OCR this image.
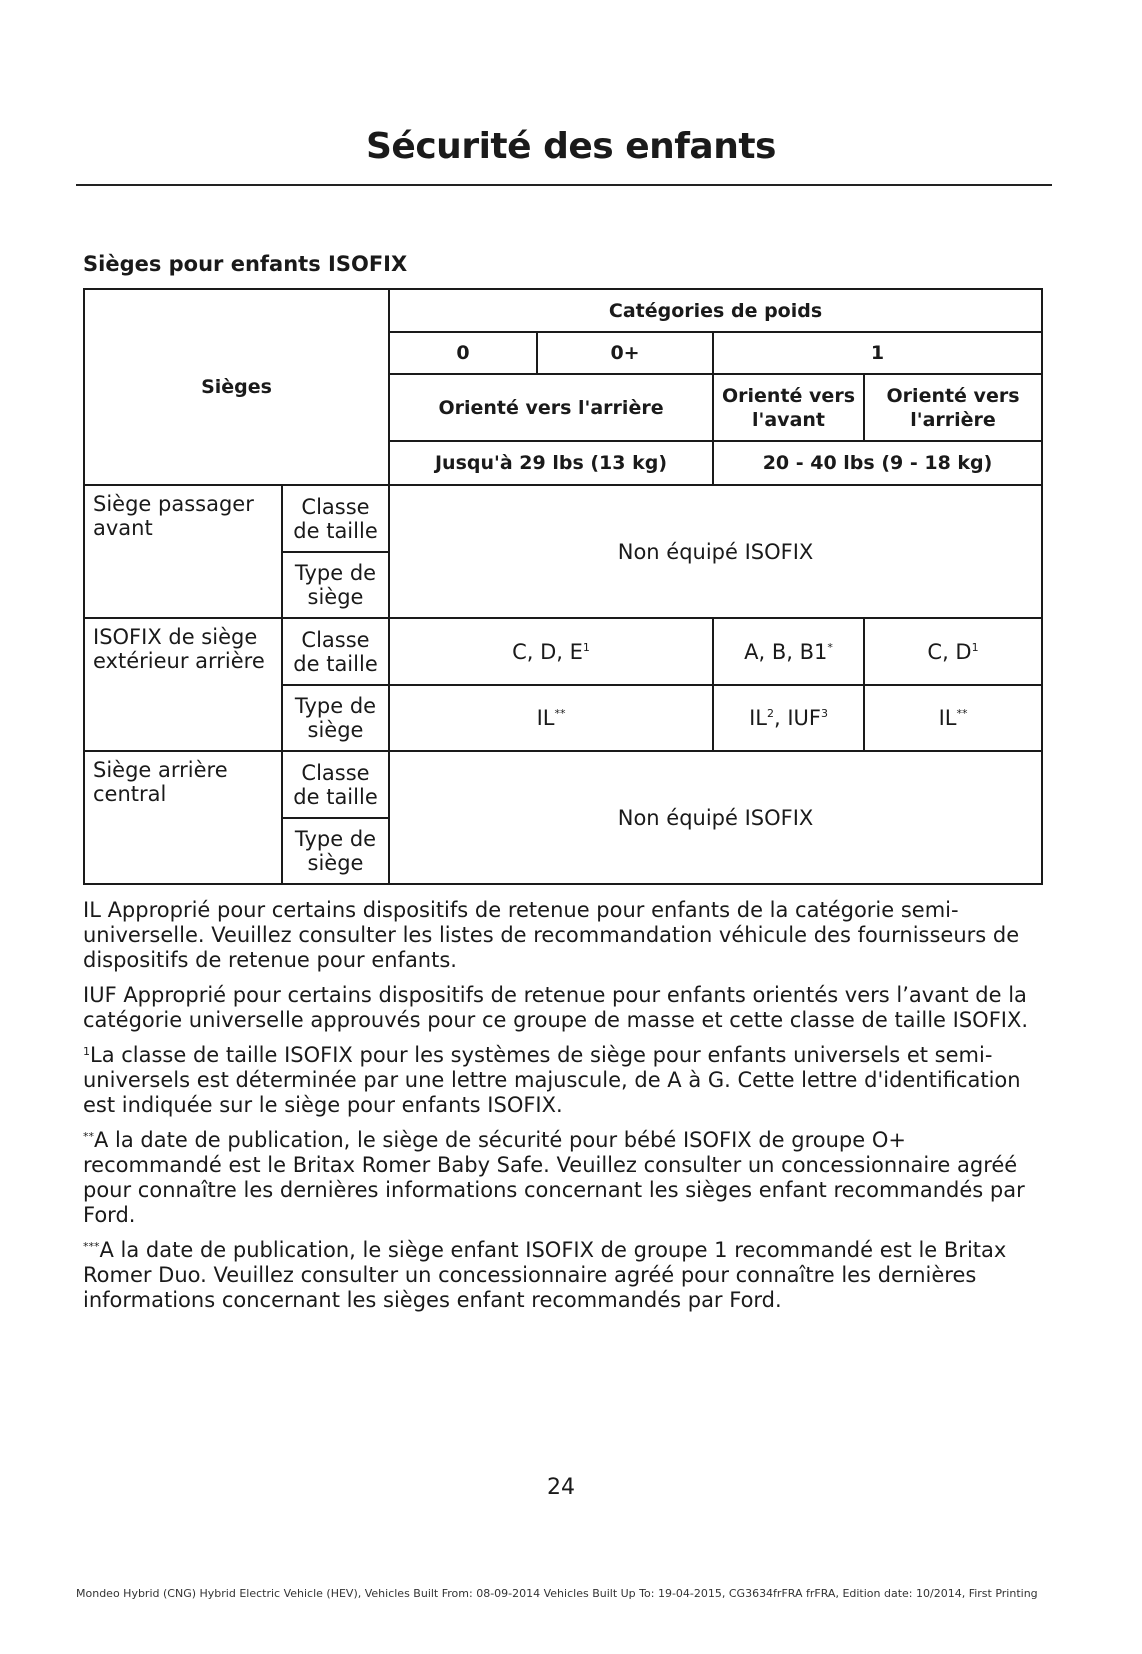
Sécurité des enfants
Sièges pour enfants ISOFIX
Sièges		Catégories de poids			
		0	0+	1	
		Orienté vers l'arrière		Orienté vers l'avant	Orienté vers l'arrière
		Jusqu'à 29 lbs (13 kg)		20 - 40 lbs (9 - 18 kg)	
Siège passager avant	Classe de taille	Non équipé ISOFIX			
	Type de siège				
ISOFIX de siège extérieur arrière	Classe de taille	C, D, $E^1$		A, B, B1*	C, $D^1$
	Type de siège	IL**		$IL^2$, IUF$^3$	IL**
Siège arrière central	Classe de taille	Non équipé ISOFIX			
	Type de siège				

IL Approprié pour certains dispositifs de retenue pour enfants de la catégorie semi-universelle. Veuillez consulter les listes de recommandation véhicule des fournisseurs de dispositifs de retenue pour enfants.

IUF Approprié pour certains dispositifs de retenue pour enfants orientés vers l’avant de la catégorie universelle approuvés pour ce groupe de masse et cette classe de taille ISOFIX.

$^1$La classe de taille ISOFIX pour les systèmes de siège pour enfants universels et semi-universels est déterminée par une lettre majuscule, de A à G. Cette lettre d'identification est indiquée sur le siège pour enfants ISOFIX.

**A la date de publication, le siège de sécurité pour bébé ISOFIX de groupe O+ recommandé est le Britax Romer Baby Safe. Veuillez consulter un concessionnaire agréé pour connaître les dernières informations concernant les sièges enfant recommandés par Ford.

***A la date de publication, le siège enfant ISOFIX de groupe 1 recommandé est le Britax Romer Duo. Veuillez consulter un concessionnaire agréé pour connaître les dernières informations concernant les sièges enfant recommandés par Ford.

24
Mondeo Hybrid (CNG) Hybrid Electric Vehicle (HEV), Vehicles Built From: 08-09-2014 Vehicles Built Up To: 19-04-2015, CG3634frFRA frFRA, Edition date: 10/2014, First Printing
